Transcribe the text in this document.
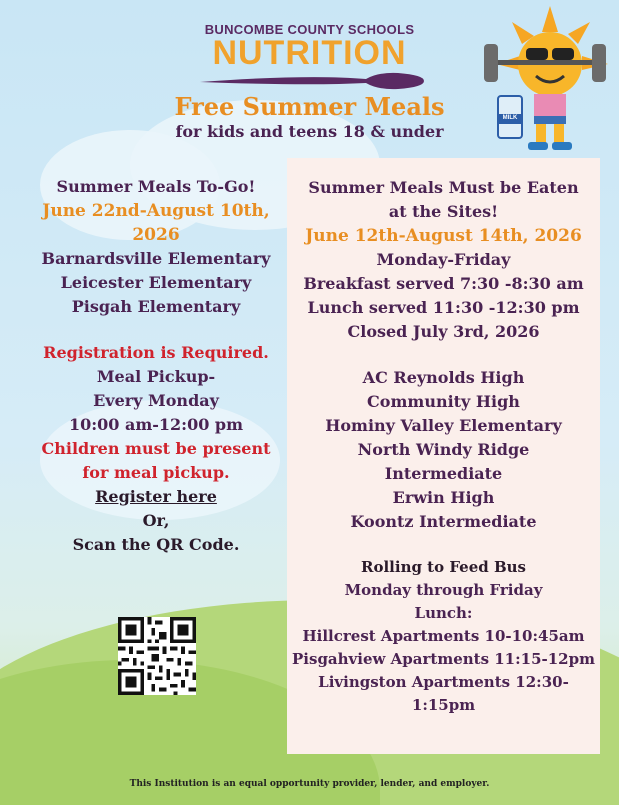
BUNCOMBE COUNTY SCHOOLS
NUTRITION
Free Summer Meals
for kids and teens 18 & under
MILK
Summer Meals To-Go!
June 22nd-August 10th,
2026
Barnardsville Elementary
Leicester Elementary
Pisgah Elementary
Registration is Required.
Meal Pickup-
Every Monday
10:00 am-12:00 pm
Children must be present
for meal pickup.
Register here
Or,
Scan the QR Code.
Summer Meals Must be Eaten
at the Sites!
June 12th-August 14th, 2026
Monday-Friday
Breakfast served 7:30 -8:30 am
Lunch served 11:30 -12:30 pm
Closed July 3rd, 2026
AC Reynolds High
Community High
Hominy Valley Elementary
North Windy Ridge
Intermediate
Erwin High
Koontz Intermediate
Rolling to Feed Bus
Monday through Friday
Lunch:
Hillcrest Apartments 10-10:45am
Pisgahview Apartments 11:15-12pm
Livingston Apartments 12:30-1:15pm
This Institution is an equal opportunity provider, lender, and employer.
